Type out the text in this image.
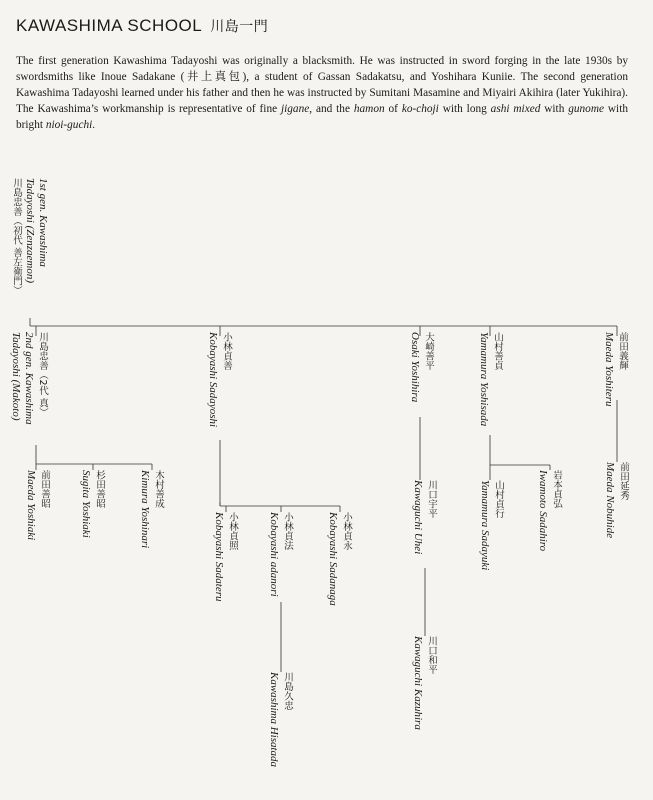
KAWASHIMA SCHOOL 川島一門

The first generation Kawashima Tadayoshi was originally a blacksmith. He was instructed in sword forging in the late 1930s by swordsmiths like Inoue Sadakane (井上真包), a student of Gassan Sadakatsu, and Yoshihara Kuniie. The second generation Kawashima Tadayoshi learned under his father and then he was instructed by Sumitani Masamine and Miyairi Akihira (later Yukihira). The Kawashima’s workmanship is representative of fine jigane, and the hamon of ko-choji with long ashi mixed with gunome with bright nioi-guchi.

1st gen. Kawashima
Tadayoshi (Zenzaemon)
川島忠善（初代 善左衛門）
川島忠善（2代 真）
2nd gen. Kawashima
Tadayoshi (Makoto)	小林貞善
Kobayashi Sadayoshi	大崎善平
Osaki Yoshihira	山村善貞
Yamamura Yoshisada	前田義輝
Maeda Yoshiteru
前田善昭
Maeda Yoshiaki	杉田善昭
Sugita Yoshiaki	木村善成
Kimura Yoshinari	小林貞照
Kobayashi Sadateru	小林貞法
Kobayashi adanori	小林貞永
Kobayashi Sadanaga
川島久忠
Kawashima Hisatada
川口宇平
Kawaguchi Uhei
川口和平
Kawaguchi Kazuhira
山村貞行
Yamamura Sadayuki	岩本貞弘
Iwamoto Sadahiro	前田延秀
Maeda Nobuhide
